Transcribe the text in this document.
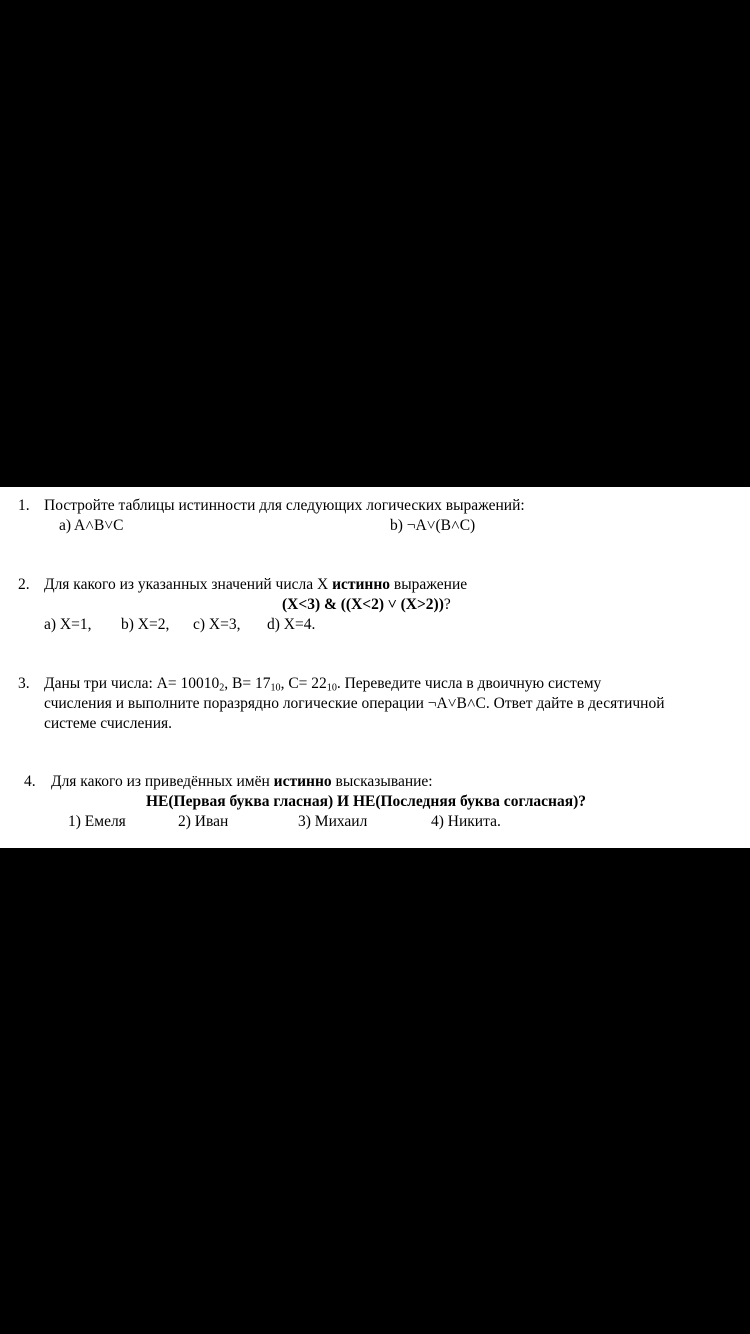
1. Постройте таблицы истинности для следующих логических выражений:
a) A˄B˅C	b) ¬A˅(B˄C)
2. Для какого из указанных значений числа X истинно выражение
(X<3) & ((X<2) ˅ (X>2))?
a) X=1, b) X=2, c) X=3, d) X=4.
3. Даны три числа: $A= 10010_2$, $B= 17_{10}$, $C= 22_{10}$. Переведите числа в двоичную систему
счисления и выполните поразрядно логические операции ¬A˅B˄C. Ответ дайте в десятичной
системе счисления.
4. Для какого из приведённых имён истинно высказывание:
НЕ(Первая буква гласная) И НЕ(Последняя буква согласная)?
1) Емеля	2) Иван	3) Михаил	4) Никита.
